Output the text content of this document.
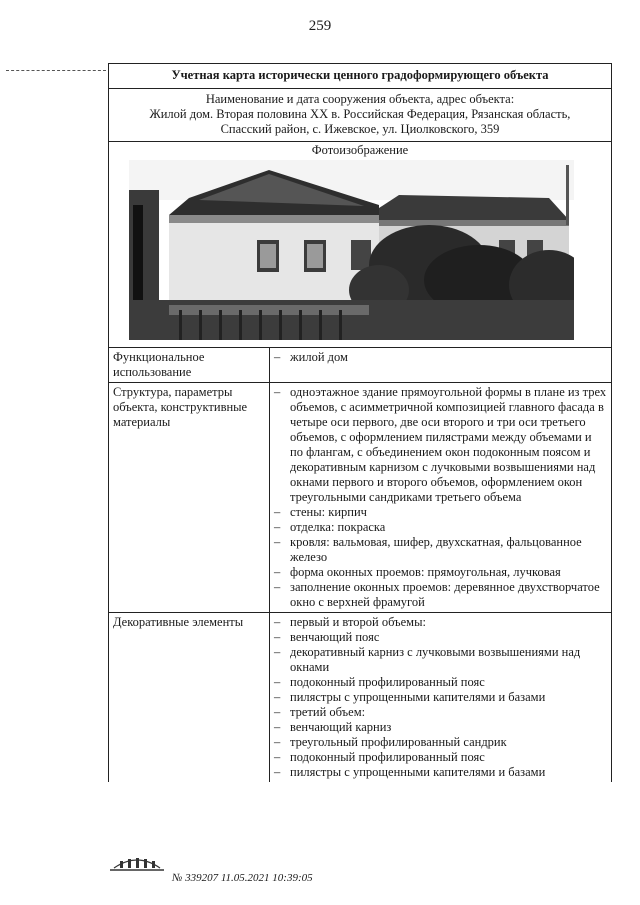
259
Учетная карта исторически ценного градоформирующего объекта
Наименование и дата сооружения объекта, адрес объекта:
Жилой дом. Вторая половина XX в. Российская Федерация, Рязанская область,
Спасский район, с. Ижевское, ул. Циолковского, 359
Фотоизображение
Функциональное использование
– жилой дом
Структура, параметры объекта, конструктивные материалы
– одноэтажное здание прямоугольной формы в плане из трех объемов, с асимметричной композицией главного фасада в четыре оси первого, две оси второго и три оси третьего объемов, с оформлением пилястрами между объемами и по флангам, с объединением окон подоконным поясом и декоративным карнизом с лучковыми возвышениями над окнами первого и второго объемов, оформлением окон треугольными сандриками третьего объема
– стены: кирпич
– отделка: покраска
– кровля: вальмовая, шифер, двухскатная, фальцованное железо
– форма оконных проемов: прямоугольная, лучковая
– заполнение оконных проемов: деревянное двухстворчатое окно с верхней фрамугой
Декоративные элементы	– первый и второй объемы:
– венчающий пояс
– декоративный карниз с лучковыми возвышениями над окнами
– подоконный профилированный пояс
– пилястры с упрощенными капителями и базами
– третий объем:
– венчающий карниз
– треугольный профилированный сандрик
– подоконный профилированный пояс
– пилястры с упрощенными капителями и базами
№ 339207 11.05.2021 10:39:05
